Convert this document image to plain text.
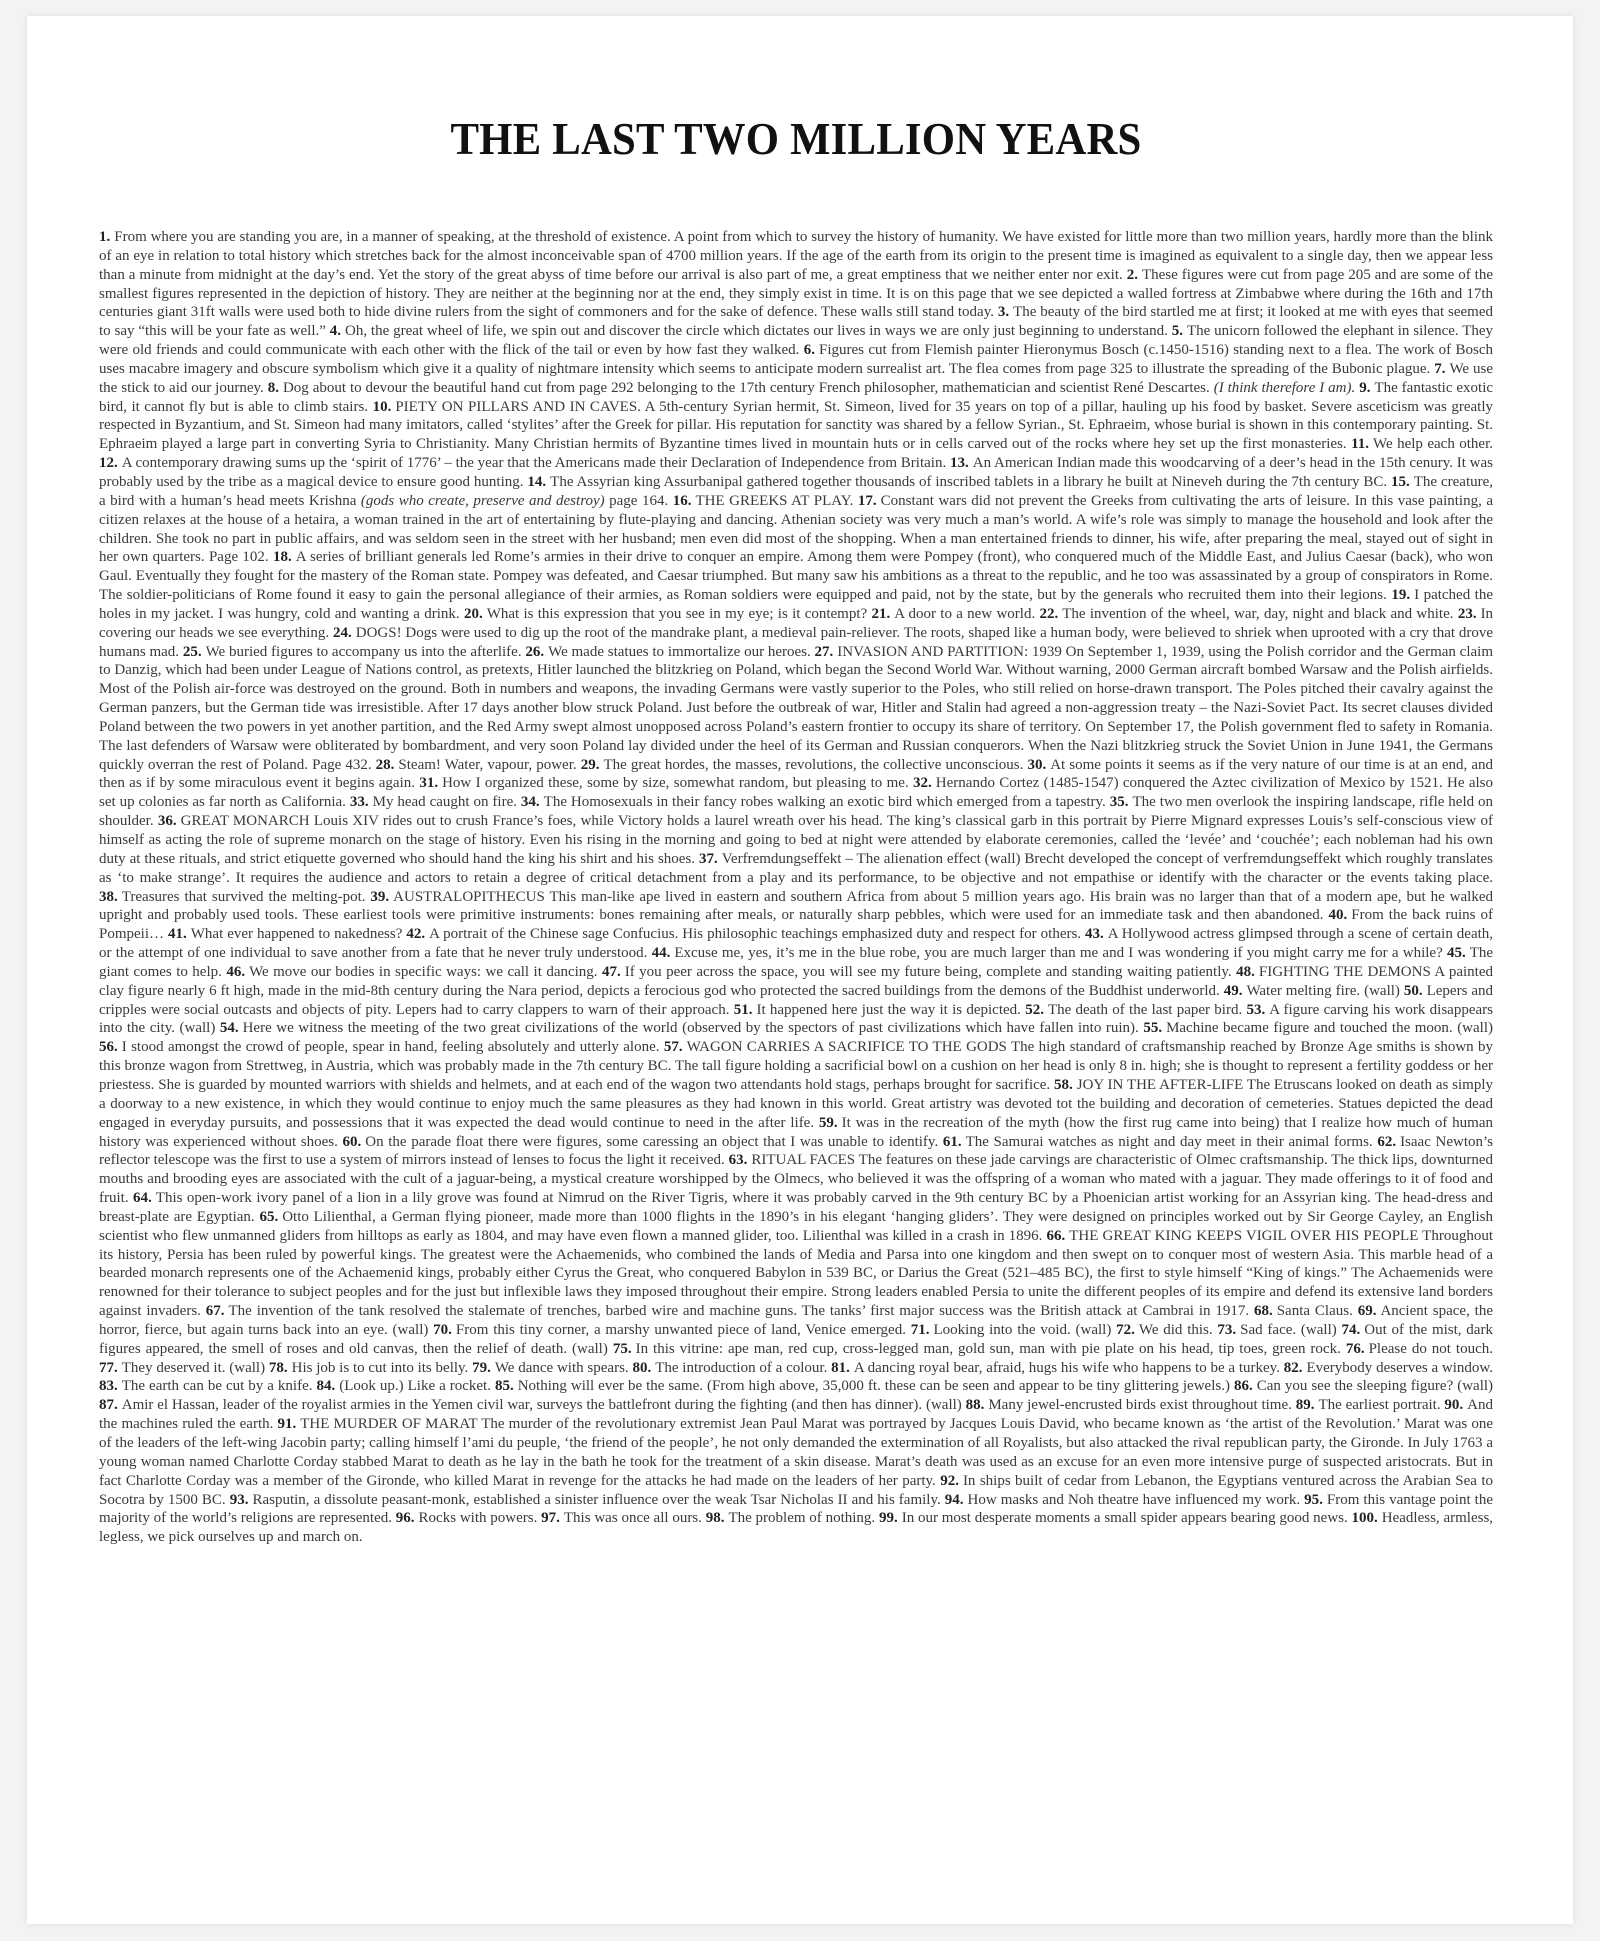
THE LAST TWO MILLION YEARS
1. From where you are standing you are, in a manner of speaking, at the threshold of existence. A point from which to survey the history of humanity. We have existed for little more than two million years, hardly more than the blink of an eye in relation to total history which stretches back for the almost inconceivable span of 4700 million years. If the age of the earth from its origin to the present time is imagined as equivalent to a single day, then we appear less than a minute from midnight at the day’s end. Yet the story of the great abyss of time before our arrival is also part of me, a great emptiness that we neither enter nor exit. 2. These figures were cut from page 205 and are some of the smallest figures represented in the depiction of history. They are neither at the beginning nor at the end, they simply exist in time. It is on this page that we see depicted a walled fortress at Zimbabwe where during the 16th and 17th centuries giant 31ft walls were used both to hide divine rulers from the sight of commoners and for the sake of defence. These walls still stand today. 3. The beauty of the bird startled me at first; it looked at me with eyes that seemed to say “this will be your fate as well.” 4. Oh, the great wheel of life, we spin out and discover the circle which dictates our lives in ways we are only just beginning to understand. 5. The unicorn followed the elephant in silence. They were old friends and could communicate with each other with the flick of the tail or even by how fast they walked. 6. Figures cut from Flemish painter Hieronymus Bosch (c.1450-1516) standing next to a flea. The work of Bosch uses macabre imagery and obscure symbolism which give it a quality of nightmare intensity which seems to anticipate modern surrealist art. The flea comes from page 325 to illustrate the spreading of the Bubonic plague. 7. We use the stick to aid our journey. 8. Dog about to devour the beautiful hand cut from page 292 belonging to the 17th century French philosopher, mathematician and scientist René Descartes. (I think therefore I am). 9. The fantastic exotic bird, it cannot fly but is able to climb stairs. 10. PIETY ON PILLARS AND IN CAVES. A 5th-century Syrian hermit, St. Simeon, lived for 35 years on top of a pillar, hauling up his food by basket. Severe asceticism was greatly respected in Byzantium, and St. Simeon had many imitators, called ‘stylites’ after the Greek for pillar. His reputation for sanctity was shared by a fellow Syrian., St. Ephraeim, whose burial is shown in this contemporary painting. St. Ephraeim played a large part in converting Syria to Christianity. Many Christian hermits of Byzantine times lived in mountain huts or in cells carved out of the rocks where hey set up the first monasteries. 11. We help each other. 12. A contemporary drawing sums up the ‘spirit of 1776’ – the year that the Americans made their Declaration of Independence from Britain. 13. An American Indian made this woodcarving of a deer’s head in the 15th cenury. It was probably used by the tribe as a magical device to ensure good hunting. 14. The Assyrian king Assurbanipal gathered together thousands of inscribed tablets in a library he built at Nineveh during the 7th century BC. 15. The creature, a bird with a human’s head meets Krishna (gods who create, preserve and destroy) page 164. 16. THE GREEKS AT PLAY. 17. Constant wars did not prevent the Greeks from cultivating the arts of leisure. In this vase painting, a citizen relaxes at the house of a hetaira, a woman trained in the art of entertaining by flute-playing and dancing. Athenian society was very much a man’s world. A wife’s role was simply to manage the household and look after the children. She took no part in public affairs, and was seldom seen in the street with her husband; men even did most of the shopping. When a man entertained friends to dinner, his wife, after preparing the meal, stayed out of sight in her own quarters. Page 102. 18. A series of brilliant generals led Rome’s armies in their drive to conquer an empire. Among them were Pompey (front), who conquered much of the Middle East, and Julius Caesar (back), who won Gaul. Eventually they fought for the mastery of the Roman state. Pompey was defeated, and Caesar triumphed. But many saw his ambitions as a threat to the republic, and he too was assassinated by a group of conspirators in Rome. The soldier-politicians of Rome found it easy to gain the personal allegiance of their armies, as Roman soldiers were equipped and paid, not by the state, but by the generals who recruited them into their legions. 19. I patched the holes in my jacket. I was hungry, cold and wanting a drink. 20. What is this expression that you see in my eye; is it contempt? 21. A door to a new world. 22. The invention of the wheel, war, day, night and black and white. 23. In covering our heads we see everything. 24. DOGS! Dogs were used to dig up the root of the mandrake plant, a medieval pain-reliever. The roots, shaped like a human body, were believed to shriek when uprooted with a cry that drove humans mad. 25. We buried figures to accompany us into the afterlife. 26. We made statues to immortalize our heroes. 27. INVASION AND PARTITION: 1939 On September 1, 1939, using the Polish corridor and the German claim to Danzig, which had been under League of Nations control, as pretexts, Hitler launched the blitzkrieg on Poland, which began the Second World War. Without warning, 2000 German aircraft bombed Warsaw and the Polish airfields. Most of the Polish air-force was destroyed on the ground. Both in numbers and weapons, the invading Germans were vastly superior to the Poles, who still relied on horse-drawn transport. The Poles pitched their cavalry against the German panzers, but the German tide was irresistible. After 17 days another blow struck Poland. Just before the outbreak of war, Hitler and Stalin had agreed a non-aggression treaty – the Nazi-Soviet Pact. Its secret clauses divided Poland between the two powers in yet another partition, and the Red Army swept almost unopposed across Poland’s eastern frontier to occupy its share of territory. On September 17, the Polish government fled to safety in Romania. The last defenders of Warsaw were obliterated by bombardment, and very soon Poland lay divided under the heel of its German and Russian conquerors. When the Nazi blitzkrieg struck the Soviet Union in June 1941, the Germans quickly overran the rest of Poland. Page 432. 28. Steam! Water, vapour, power. 29. The great hordes, the masses, revolutions, the collective unconscious. 30. At some points it seems as if the very nature of our time is at an end, and then as if by some miraculous event it begins again. 31. How I organized these, some by size, somewhat random, but pleasing to me. 32. Hernando Cortez (1485-1547) conquered the Aztec civilization of Mexico by 1521. He also set up colonies as far north as California. 33. My head caught on fire. 34. The Homosexuals in their fancy robes walking an exotic bird which emerged from a tapestry. 35. The two men overlook the inspiring landscape, rifle held on shoulder. 36. GREAT MONARCH Louis XIV rides out to crush France’s foes, while Victory holds a laurel wreath over his head. The king’s classical garb in this portrait by Pierre Mignard expresses Louis’s self-conscious view of himself as acting the role of supreme monarch on the stage of history. Even his rising in the morning and going to bed at night were attended by elaborate ceremonies, called the ‘levée’ and ‘couchée’; each nobleman had his own duty at these rituals, and strict etiquette governed who should hand the king his shirt and his shoes. 37. Verfremdungseffekt – The alienation effect (wall) Brecht developed the concept of verfremdungseffekt which roughly translates as ‘to make strange’. It requires the audience and actors to retain a degree of critical detachment from a play and its performance, to be objective and not empathise or identify with the character or the events taking place. 38. Treasures that survived the melting-pot. 39. AUSTRALOPITHECUS This man-like ape lived in eastern and southern Africa from about 5 million years ago. His brain was no larger than that of a modern ape, but he walked upright and probably used tools. These earliest tools were primitive instruments: bones remaining after meals, or naturally sharp pebbles, which were used for an immediate task and then abandoned. 40. From the back ruins of Pompeii… 41. What ever happened to nakedness? 42. A portrait of the Chinese sage Confucius. His philosophic teachings emphasized duty and respect for others. 43. A Hollywood actress glimpsed through a scene of certain death, or the attempt of one individual to save another from a fate that he never truly understood. 44. Excuse me, yes, it’s me in the blue robe, you are much larger than me and I was wondering if you might carry me for a while? 45. The giant comes to help. 46. We move our bodies in specific ways: we call it dancing. 47. If you peer across the space, you will see my future being, complete and standing waiting patiently. 48. FIGHTING THE DEMONS A painted clay figure nearly 6 ft high, made in the mid-8th century during the Nara period, depicts a ferocious god who protected the sacred buildings from the demons of the Buddhist underworld. 49. Water melting fire. (wall) 50. Lepers and cripples were social outcasts and objects of pity. Lepers had to carry clappers to warn of their approach. 51. It happened here just the way it is depicted. 52. The death of the last paper bird. 53. A figure carving his work disappears into the city. (wall) 54. Here we witness the meeting of the two great civilizations of the world (observed by the spectors of past civilizations which have fallen into ruin). 55. Machine became figure and touched the moon. (wall) 56. I stood amongst the crowd of people, spear in hand, feeling absolutely and utterly alone. 57. WAGON CARRIES A SACRIFICE TO THE GODS The high standard of craftsmanship reached by Bronze Age smiths is shown by this bronze wagon from Strettweg, in Austria, which was probably made in the 7th century BC. The tall figure holding a sacrificial bowl on a cushion on her head is only 8 in. high; she is thought to represent a fertility goddess or her priestess. She is guarded by mounted warriors with shields and helmets, and at each end of the wagon two attendants hold stags, perhaps brought for sacrifice. 58. JOY IN THE AFTER-LIFE The Etruscans looked on death as simply a doorway to a new existence, in which they would continue to enjoy much the same pleasures as they had known in this world. Great artistry was devoted tot the building and decoration of cemeteries. Statues depicted the dead engaged in everyday pursuits, and possessions that it was expected the dead would continue to need in the after life. 59. It was in the recreation of the myth (how the first rug came into being) that I realize how much of human history was experienced without shoes. 60. On the parade float there were figures, some caressing an object that I was unable to identify. 61. The Samurai watches as night and day meet in their animal forms. 62. Isaac Newton’s reflector telescope was the first to use a system of mirrors instead of lenses to focus the light it received. 63. RITUAL FACES The features on these jade carvings are characteristic of Olmec craftsmanship. The thick lips, downturned mouths and brooding eyes are associated with the cult of a jaguar-being, a mystical creature worshipped by the Olmecs, who believed it was the offspring of a woman who mated with a jaguar. They made offerings to it of food and fruit. 64. This open-work ivory panel of a lion in a lily grove was found at Nimrud on the River Tigris, where it was probably carved in the 9th century BC by a Phoenician artist working for an Assyrian king. The head-dress and breast-plate are Egyptian. 65. Otto Lilienthal, a German flying pioneer, made more than 1000 flights in the 1890’s in his elegant ‘hanging gliders’. They were designed on principles worked out by Sir George Cayley, an English scientist who flew unmanned gliders from hilltops as early as 1804, and may have even flown a manned glider, too. Lilienthal was killed in a crash in 1896. 66. THE GREAT KING KEEPS VIGIL OVER HIS PEOPLE Throughout its history, Persia has been ruled by powerful kings. The greatest were the Achaemenids, who combined the lands of Media and Parsa into one kingdom and then swept on to conquer most of western Asia. This marble head of a bearded monarch represents one of the Achaemenid kings, probably either Cyrus the Great, who conquered Babylon in 539 BC, or Darius the Great (521–485 BC), the first to style himself “King of kings.” The Achaemenids were renowned for their tolerance to subject peoples and for the just but inflexible laws they imposed throughout their empire. Strong leaders enabled Persia to unite the different peoples of its empire and defend its extensive land borders against invaders. 67. The invention of the tank resolved the stalemate of trenches, barbed wire and machine guns. The tanks’ first major success was the British attack at Cambrai in 1917. 68. Santa Claus. 69. Ancient space, the horror, fierce, but again turns back into an eye. (wall) 70. From this tiny corner, a marshy unwanted piece of land, Venice emerged. 71. Looking into the void. (wall) 72. We did this. 73. Sad face. (wall) 74. Out of the mist, dark figures appeared, the smell of roses and old canvas, then the relief of death. (wall) 75. In this vitrine: ape man, red cup, cross-legged man, gold sun, man with pie plate on his head, tip toes, green rock. 76. Please do not touch. 77. They deserved it. (wall) 78. His job is to cut into its belly. 79. We dance with spears. 80. The introduction of a colour. 81. A dancing royal bear, afraid, hugs his wife who happens to be a turkey. 82. Everybody deserves a window. 83. The earth can be cut by a knife. 84. (Look up.) Like a rocket. 85. Nothing will ever be the same. (From high above, 35,000 ft. these can be seen and appear to be tiny glittering jewels.) 86. Can you see the sleeping figure? (wall) 87. Amir el Hassan, leader of the royalist armies in the Yemen civil war, surveys the battlefront during the fighting (and then has dinner). (wall) 88. Many jewel-encrusted birds exist throughout time. 89. The earliest portrait. 90. And the machines ruled the earth. 91. THE MURDER OF MARAT The murder of the revolutionary extremist Jean Paul Marat was portrayed by Jacques Louis David, who became known as ‘the artist of the Revolution.’ Marat was one of the leaders of the left-wing Jacobin party; calling himself l’ami du peuple, ‘the friend of the people’, he not only demanded the extermination of all Royalists, but also attacked the rival republican party, the Gironde. In July 1763 a young woman named Charlotte Corday stabbed Marat to death as he lay in the bath he took for the treatment of a skin disease. Marat’s death was used as an excuse for an even more intensive purge of suspected aristocrats. But in fact Charlotte Corday was a member of the Gironde, who killed Marat in revenge for the attacks he had made on the leaders of her party. 92. In ships built of cedar from Lebanon, the Egyptians ventured across the Arabian Sea to Socotra by 1500 BC. 93. Rasputin, a dissolute peasant-monk, established a sinister influence over the weak Tsar Nicholas II and his family. 94. How masks and Noh theatre have influenced my work. 95. From this vantage point the majority of the world’s religions are represented. 96. Rocks with powers. 97. This was once all ours. 98. The problem of nothing. 99. In our most desperate moments a small spider appears bearing good news. 100. Headless, armless, legless, we pick ourselves up and march on.
